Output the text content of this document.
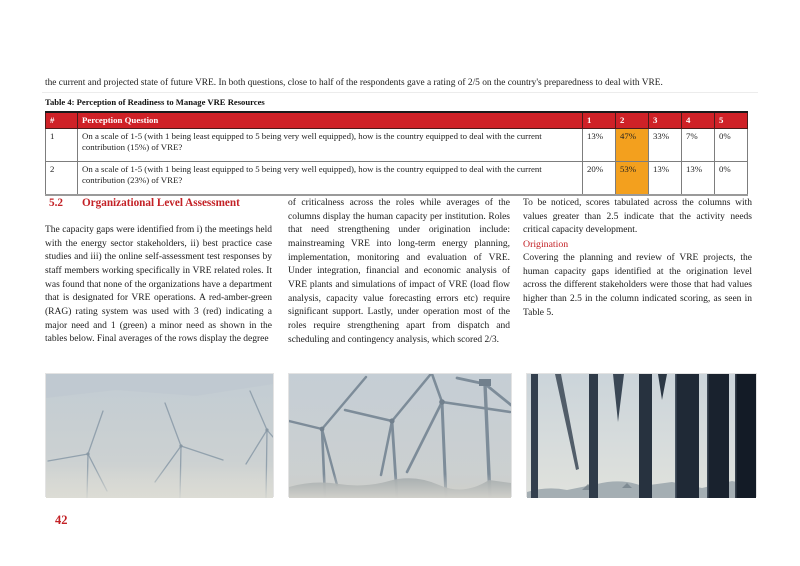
the current and projected state of future VRE. In both questions, close to half of the respondents gave a rating of 2/5 on the country's preparedness to deal with VRE.

Table 4: Perception of Readiness to Manage VRE Resources
#	Perception Question	1	2	3	4	5
1	On a scale of 1-5 (with 1 being least equipped to 5 being very well equipped), how is the country equipped to deal with the current contribution (15%) of VRE?	13%	47%	33%	7%	0%
2	On a scale of 1-5 (with 1 being least equipped to 5 being very well equipped), how is the country equipped to deal with the current contribution (23%) of VRE?	20%	53%	13%	13%	0%
5.2 Organizational Level Assessment

The capacity gaps were identified from i) the meetings held with the energy sector stakeholders, ii) best practice case studies and iii) the online self-assessment test responses by staff members working specifically in VRE related roles. It was found that none of the organizations have a department that is designated for VRE operations. A red-amber-green (RAG) rating system was used with 3 (red) indicating a major need and 1 (green) a minor need as shown in the tables below. Final averages of the rows display the degree

of criticalness across the roles while averages of the columns display the human capacity per institution. Roles that need strengthening under origination include: mainstreaming VRE into long-term energy planning, implementation, monitoring and evaluation of VRE. Under integration, financial and economic analysis of VRE plants and simulations of impact of VRE (load flow analysis, capacity value forecasting errors etc) require significant support. Lastly, under operation most of the roles require strengthening apart from dispatch and scheduling and contingency analysis, which scored 2/3.

To be noticed, scores tabulated across the columns with values greater than 2.5 indicate that the activity needs critical capacity development.

Origination

Covering the planning and review of VRE projects, the human capacity gaps identified at the origination level across the different stakeholders were those that had values higher than 2.5 in the column indicated scoring, as seen in Table 5.

42
